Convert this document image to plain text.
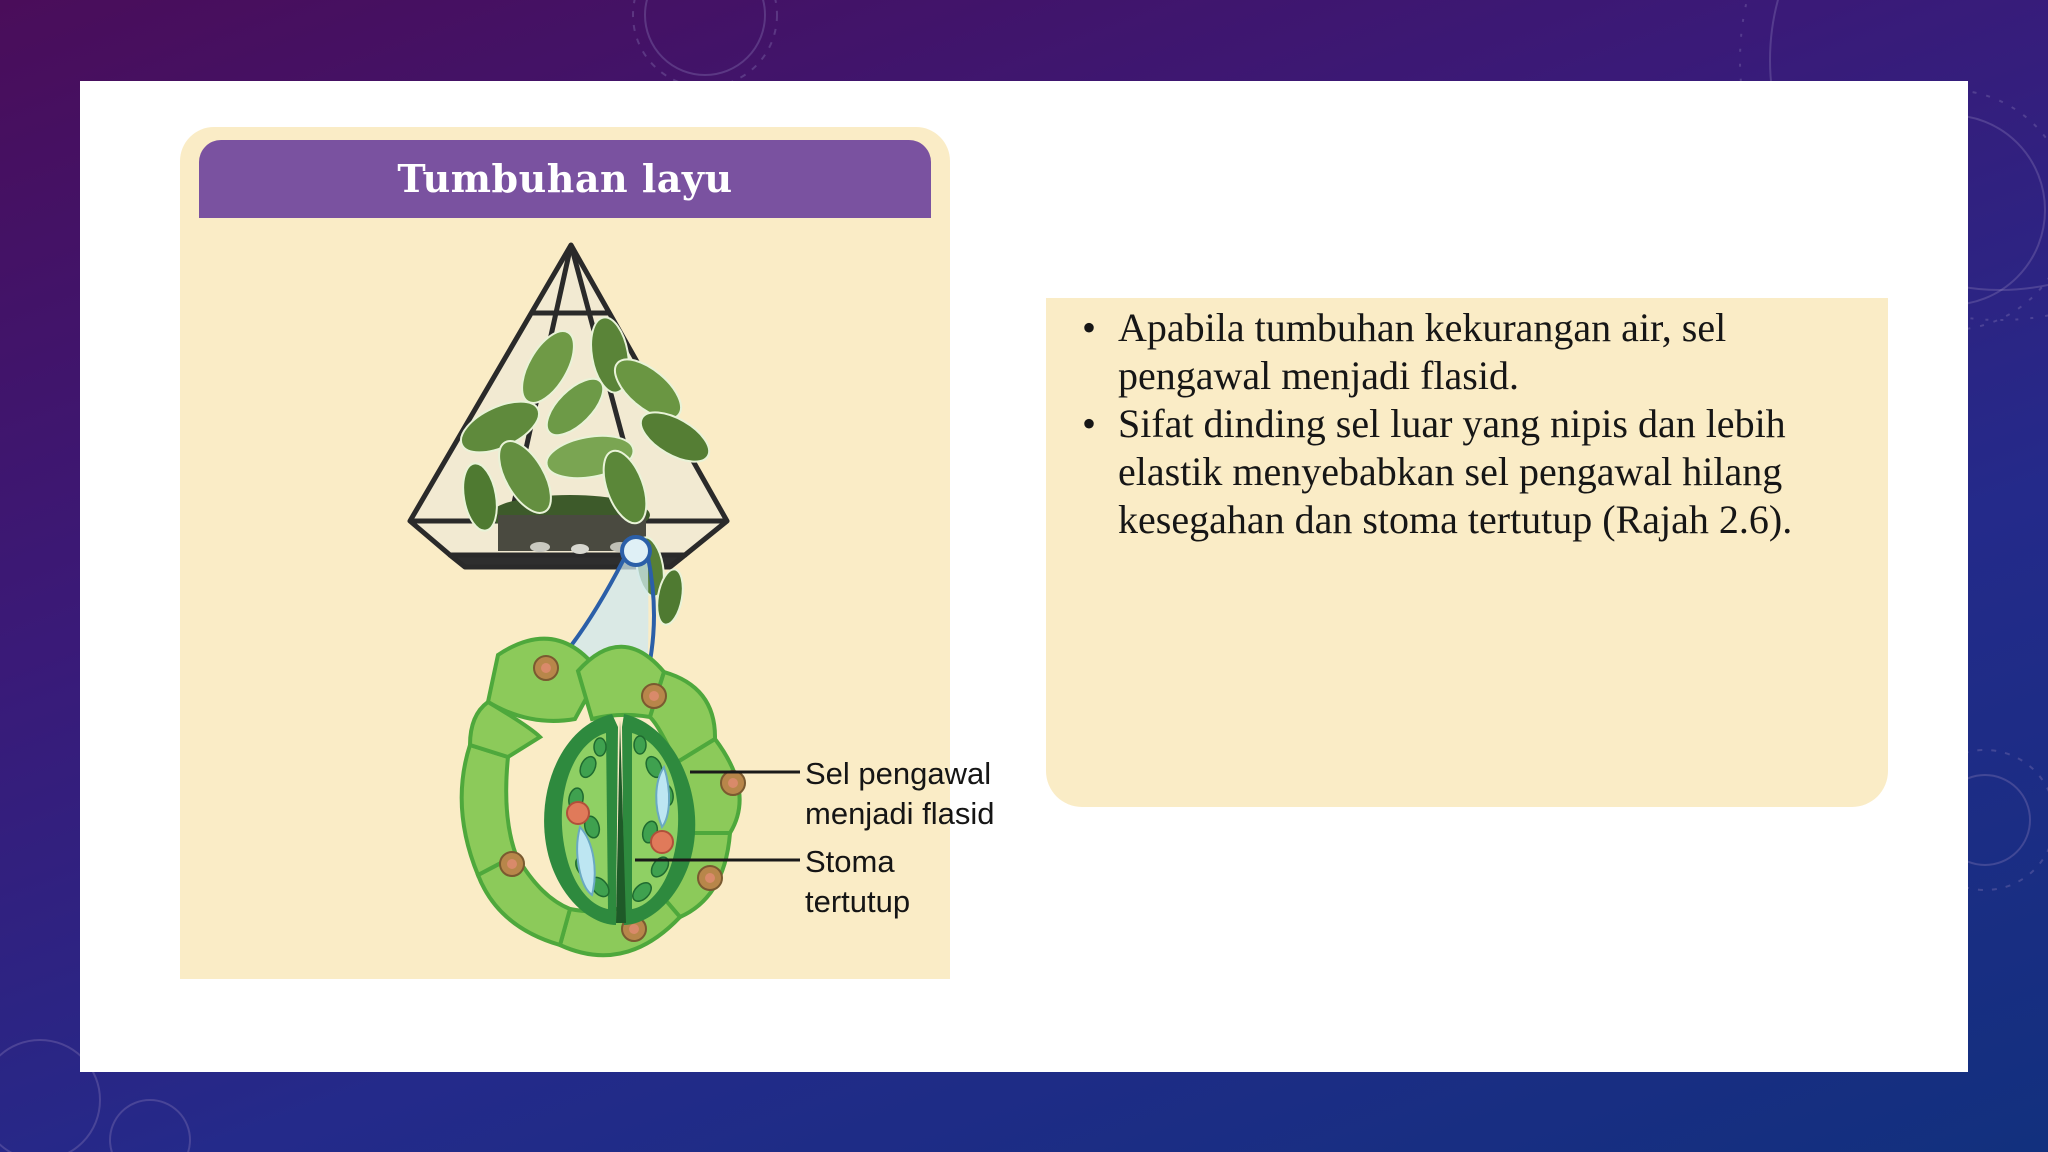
Tumbuhan layu
Sel pengawal
menjadi flasid
Stoma
tertutup
• Apabila tumbuhan kekurangan air, sel pengawal menjadi flasid.
• Sifat dinding sel luar yang nipis dan lebih elastik menyebabkan sel pengawal hilang kesegahan dan stoma tertutup (Rajah 2.6).
